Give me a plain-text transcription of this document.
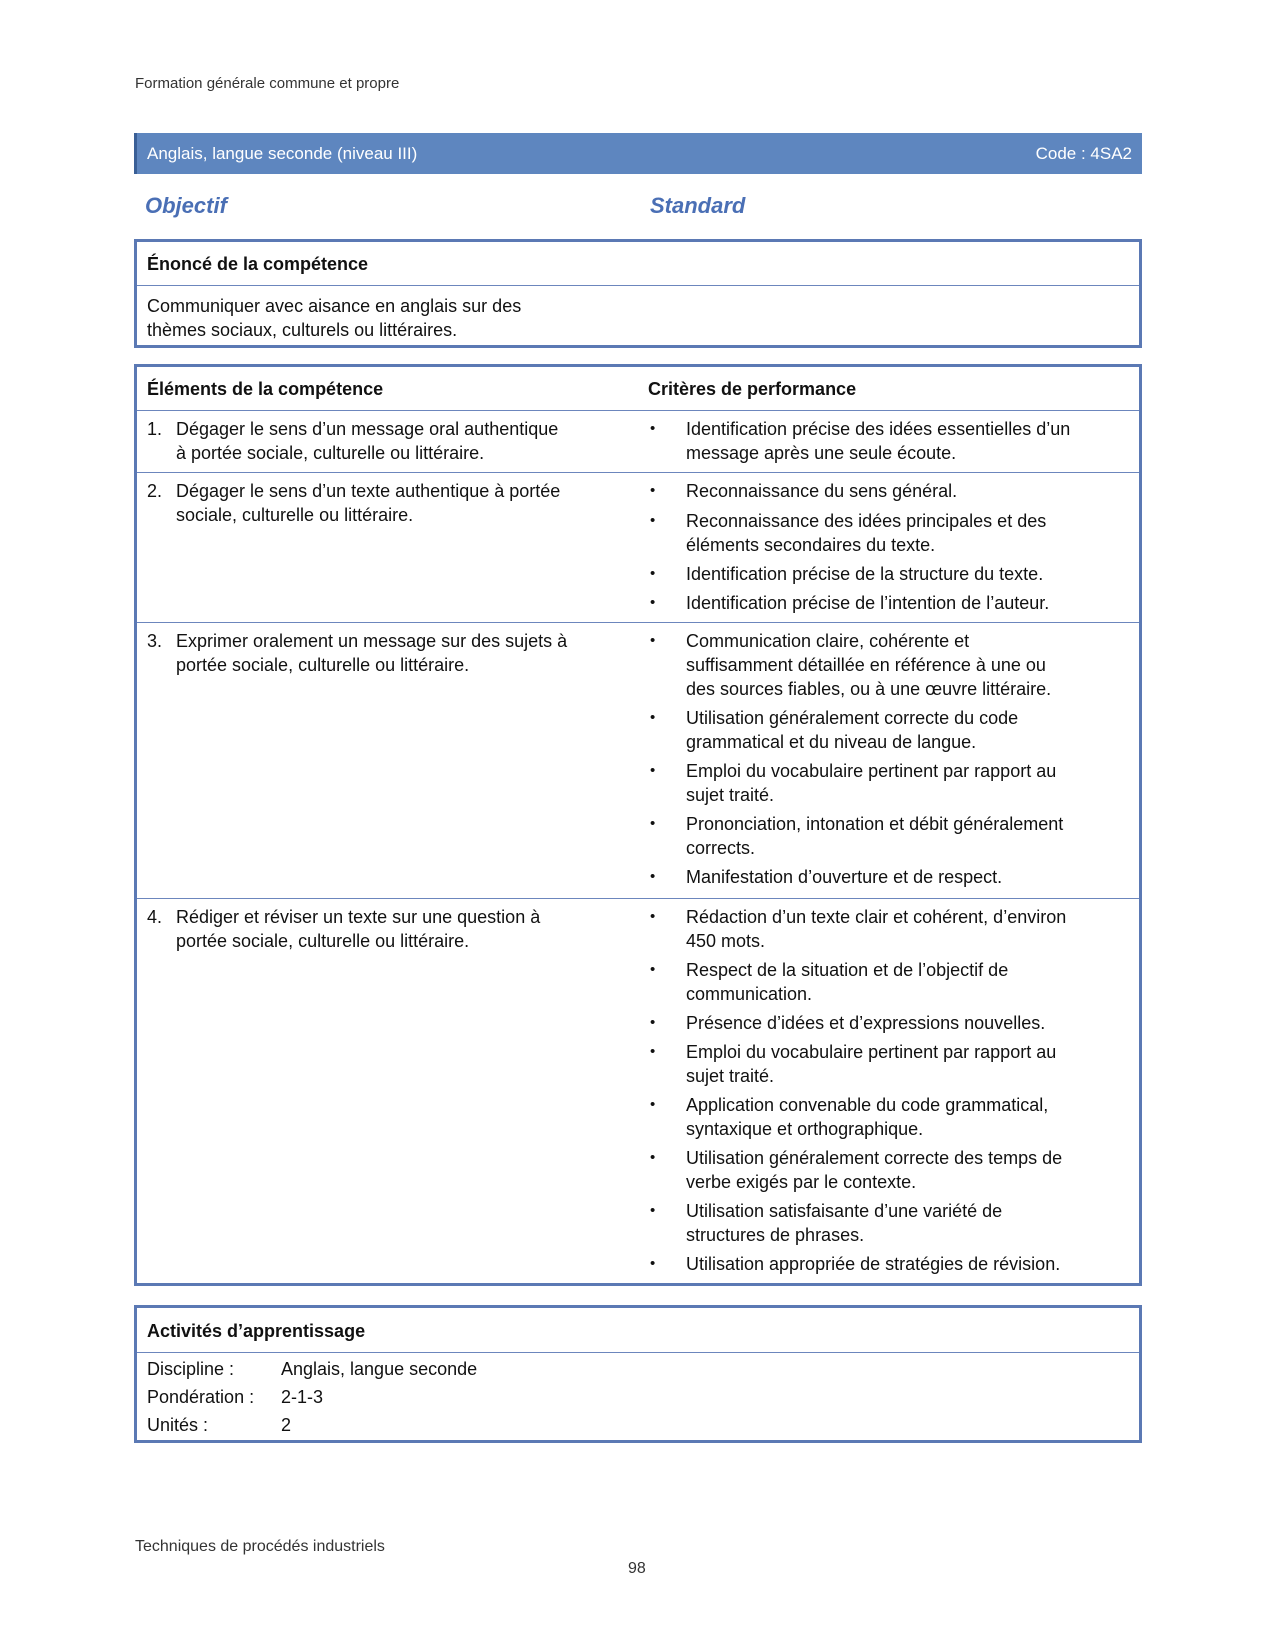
Formation générale commune et propre
Anglais, langue seconde (niveau III)	Code : 4SA2
Objectif	Standard
Énoncé de la compétence
Communiquer avec aisance en anglais sur des
thèmes sociaux, culturels ou littéraires.
Éléments de la compétence	Critères de performance
1. Dégager le sens d’un message oral authentique
à portée sociale, culturelle ou littéraire.
• Identification précise des idées essentielles d’un
message après une seule écoute.
2. Dégager le sens d’un texte authentique à portée
sociale, culturelle ou littéraire.
• Reconnaissance du sens général.
• Reconnaissance des idées principales et des
éléments secondaires du texte.
• Identification précise de la structure du texte.
• Identification précise de l’intention de l’auteur.
3. Exprimer oralement un message sur des sujets à
portée sociale, culturelle ou littéraire.
• Communication claire, cohérente et
suffisamment détaillée en référence à une ou
des sources fiables, ou à une œuvre littéraire.
• Utilisation généralement correcte du code
grammatical et du niveau de langue.
• Emploi du vocabulaire pertinent par rapport au
sujet traité.
• Prononciation, intonation et débit généralement
corrects.
• Manifestation d’ouverture et de respect.
4. Rédiger et réviser un texte sur une question à
portée sociale, culturelle ou littéraire.
• Rédaction d’un texte clair et cohérent, d’environ
450 mots.
• Respect de la situation et de l’objectif de
communication.
• Présence d’idées et d’expressions nouvelles.
• Emploi du vocabulaire pertinent par rapport au
sujet traité.
• Application convenable du code grammatical,
syntaxique et orthographique.
• Utilisation généralement correcte des temps de
verbe exigés par le contexte.
• Utilisation satisfaisante d’une variété de
structures de phrases.
• Utilisation appropriée de stratégies de révision.
Activités d’apprentissage
Discipline :	Anglais, langue seconde
Pondération : 2-1-3
Unités :	2
Techniques de procédés industriels
98
